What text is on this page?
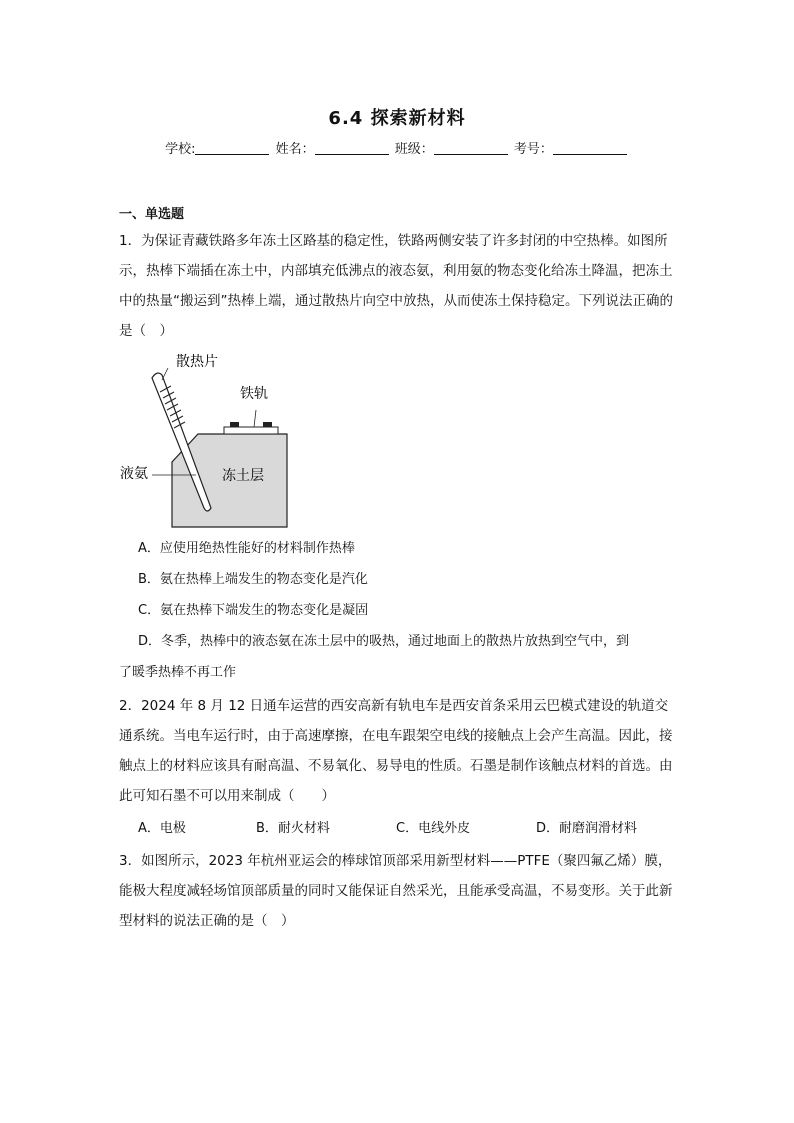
6.4 探索新材料
学校:	姓名：	班级：	考号：
一、单选题
1．为保证青藏铁路多年冻土区路基的稳定性，铁路两侧安装了许多封闭的中空热棒。如图所示，热棒下端插在冻土中，内部填充低沸点的液态氨，利用氨的物态变化给冻土降温，把冻土中的热量“搬运到”热棒上端，通过散热片向空中放热，从而使冻土保持稳定。下列说法正确的是（　）
散热片
铁轨
液氨	冻土层
A．应使用绝热性能好的材料制作热棒
B．氨在热棒上端发生的物态变化是汽化
C．氨在热棒下端发生的物态变化是凝固
D．冬季，热棒中的液态氨在冻土层中的吸热，通过地面上的散热片放热到空气中，到
了暖季热棒不再工作
2．2024 年 8 月 12 日通车运营的西安高新有轨电车是西安首条采用云巴模式建设的轨道交通系统。当电车运行时，由于高速摩擦，在电车跟架空电线的接触点上会产生高温。因此，接触点上的材料应该具有耐高温、不易氧化、易导电的性质。石墨是制作该触点材料的首选。由此可知石墨不可以用来制成（　　）
A．电极	B．耐火材料	C．电线外皮	D．耐磨润滑材料
3．如图所示，2023 年杭州亚运会的棒球馆顶部采用新型材料——PTFE（聚四氟乙烯）膜，能极大程度减轻场馆顶部质量的同时又能保证自然采光，且能承受高温，不易变形。关于此新型材料的说法正确的是（　）
